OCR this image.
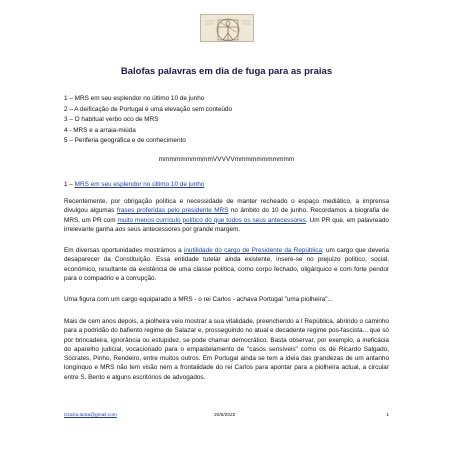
Balofas palavras em dia de fuga para as praias
1 – MRS em seu esplendor no último 10 de junho
2 – A deificação de Portugal é uma elevação sem conteúdo
3 – O habitual verbo oco de MRS
4 - MRS e a arraia-miúda
5 – Periferia geográfica e de conhecimento
mmmmmmmmmmVVVVVmmmmmmmmmmm
1 – MRS em seu esplendor no último 10 de junho

Recentemente, por obrigação política e necessidade de manter recheado o espaço mediático, a imprensa divulgou algumas frases proferidas pelo presidente MRS no âmbito do 10 de junho. Recordamos a biografia de MRS, um PR com muito menos currículo político do que todos os seus antecessores. Um PR que, em palavreado irrelevante ganha aos seus antecessores por grande margem.

Em diversas oportunidades mostrámos a inutilidade do cargo de Presidente da República; um cargo que deveria desaparecer da Constituição. Essa entidade tutelar ainda existente, insere-se no prejuízo político, social, económico, resultante da existência de uma classe política, como corpo fechado, oligárquico e com forte pendor para o compadrio e a corrupção.

Uma figura com um cargo equiparado a MRS - o rei Carlos - achava Portugal "uma piolheira"...

Mais de cem anos depois, a piolheira veio mostrar a sua vitalidade, preenchendo a I República, abrindo o caminho para a podridão do bafiento regime de Salazar e, prosseguindo no atual e decadente regime pos-fascista... que só por brincadeira, ignorância ou estupidez, se pode chamar democrático. Basta observar, por exemplo, a ineficácia do aparelho judicial, vocacionado para o empastelamento de "casos sensíveis" como os de Ricardo Salgado, Sócrates, Pinho, Rendeiro, entre muitos outros. Em Portugal ainda se tem a ideia das grandezas de um antanho longínquo e MRS não tem visão nem a frontalidade do rei Carlos para apontar para a piolheira actual, a circular entre S. Bento e alguns escritórios de advogados.

Grazia.tanta@gmail.com	20/6/2022	1
